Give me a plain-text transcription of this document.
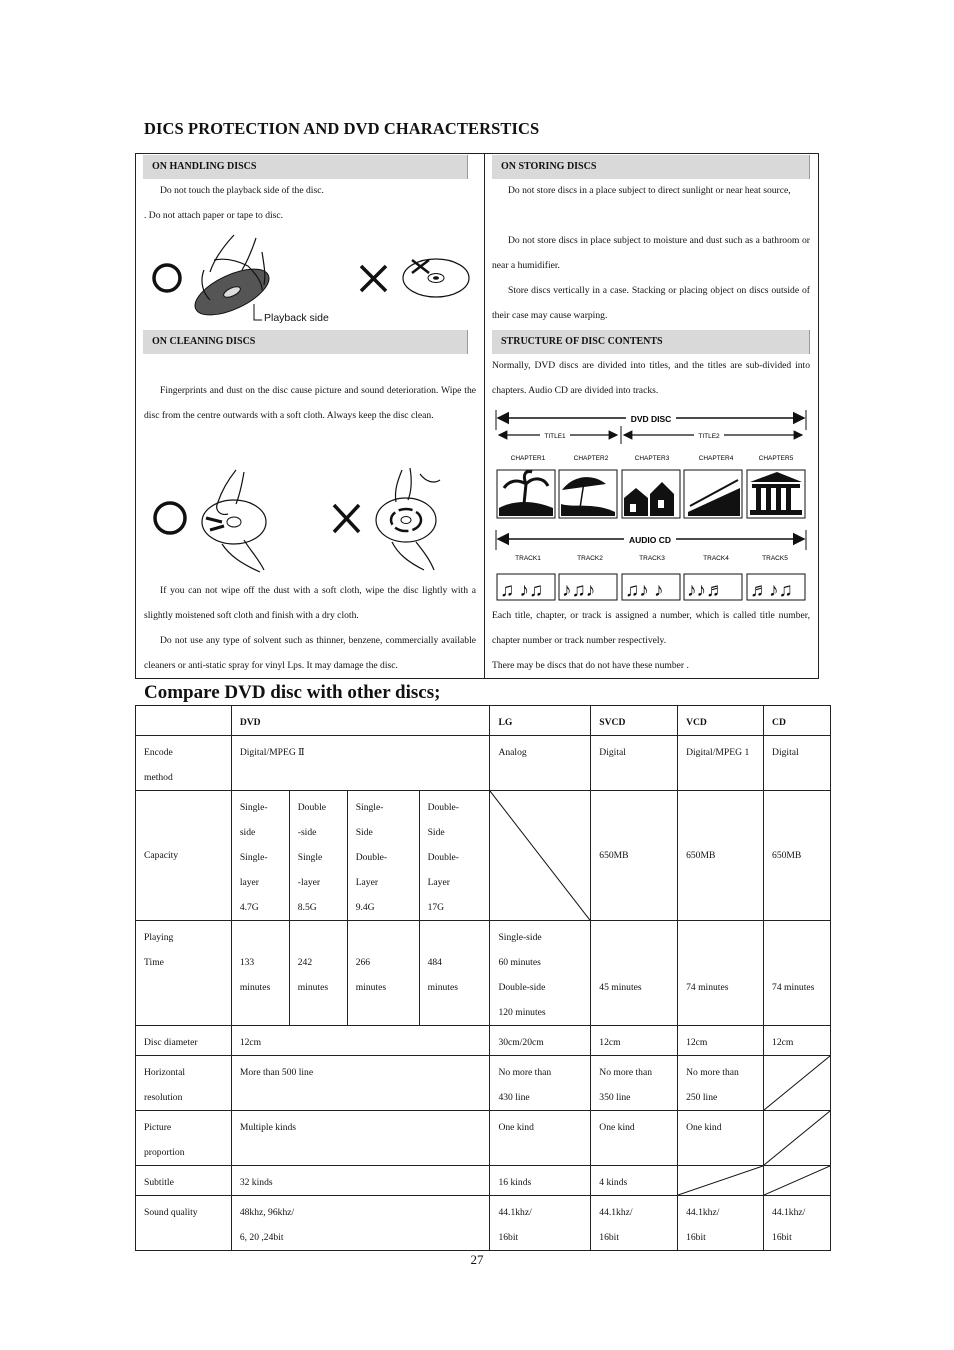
DICS PROTECTION AND DVD CHARACTERSTICS
ON HANDLING DISCS
Do not touch the playback side of the disc.
. Do not attach paper or tape to disc.
Playback side
ON CLEANING DISCS
Fingerprints and dust on the disc cause picture and sound deterioration. Wipe the disc from the centre outwards with a soft cloth. Always keep the disc clean.
If you can not wipe off the dust with a soft cloth, wipe the disc lightly with a slightly moistened soft cloth and finish with a dry cloth.
Do not use any type of solvent such as thinner, benzene, commercially available cleaners or anti-static spray for vinyl Lps. It may damage the disc.
ON STORING DISCS
Do not store discs in a place subject to direct sunlight or near heat source,
Do not store discs in place subject to moisture and dust such as a bathroom or near a humidifier.
Store discs vertically in a case. Stacking or placing object on discs outside of their case may cause warping.
STRUCTURE OF DISC CONTENTS
Normally, DVD discs are divided into titles, and the titles are sub-divided into chapters. Audio CD are divided into tracks.
DVD DISC
TITLE1	TITLE2
CHAPTER1	CHAPTER2	CHAPTER3	CHAPTER4	CHAPTER5
AUDIO CD
TRACK1	TRACK2	TRACK3	TRACK4	TRACK5
♫ ♪♫ ♪♫♪ ♫♪ ♪ ♪♪♬ ♬♪♫
Each title, chapter, or track is assigned a number, which is called title number, chapter number or track number respectively.
There may be discs that do not have these number .
Compare DVD disc with other discs;
	DVD				LG	SVCD	VCD	CD
Encode
method	Digital/MPEG Ⅱ				Analog	Digital	Digital/MPEG 1	Digital
Capacity	Single-
side
Single-
layer
4.7G	Double
-side
Single
-layer
8.5G	Single-
Side
Double-
Layer
9.4G	Double-
Side
Double-
Layer
17G		650MB	650MB	650MB
Playing
Time	133
minutes	242
minutes	266
minutes	484
minutes	Single-side
60 minutes
Double-side
120 minutes	45 minutes	74 minutes	74 minutes
Disc diameter	12cm				30cm/20cm	12cm	12cm	12cm
Horizontal
resolution	More than 500 line				No more than
430 line	No more than
350 line	No more than
250 line	

Picture
proportion	Multiple kinds				One kind	One kind	One kind	

Subtitle	32 kinds				16 kinds	4 kinds	

Sound quality	48khz, 96khz/
6, 20 ,24bit				44.1khz/
16bit	44.1khz/
16bit	44.1khz/
16bit	44.1khz/
16bit
27
